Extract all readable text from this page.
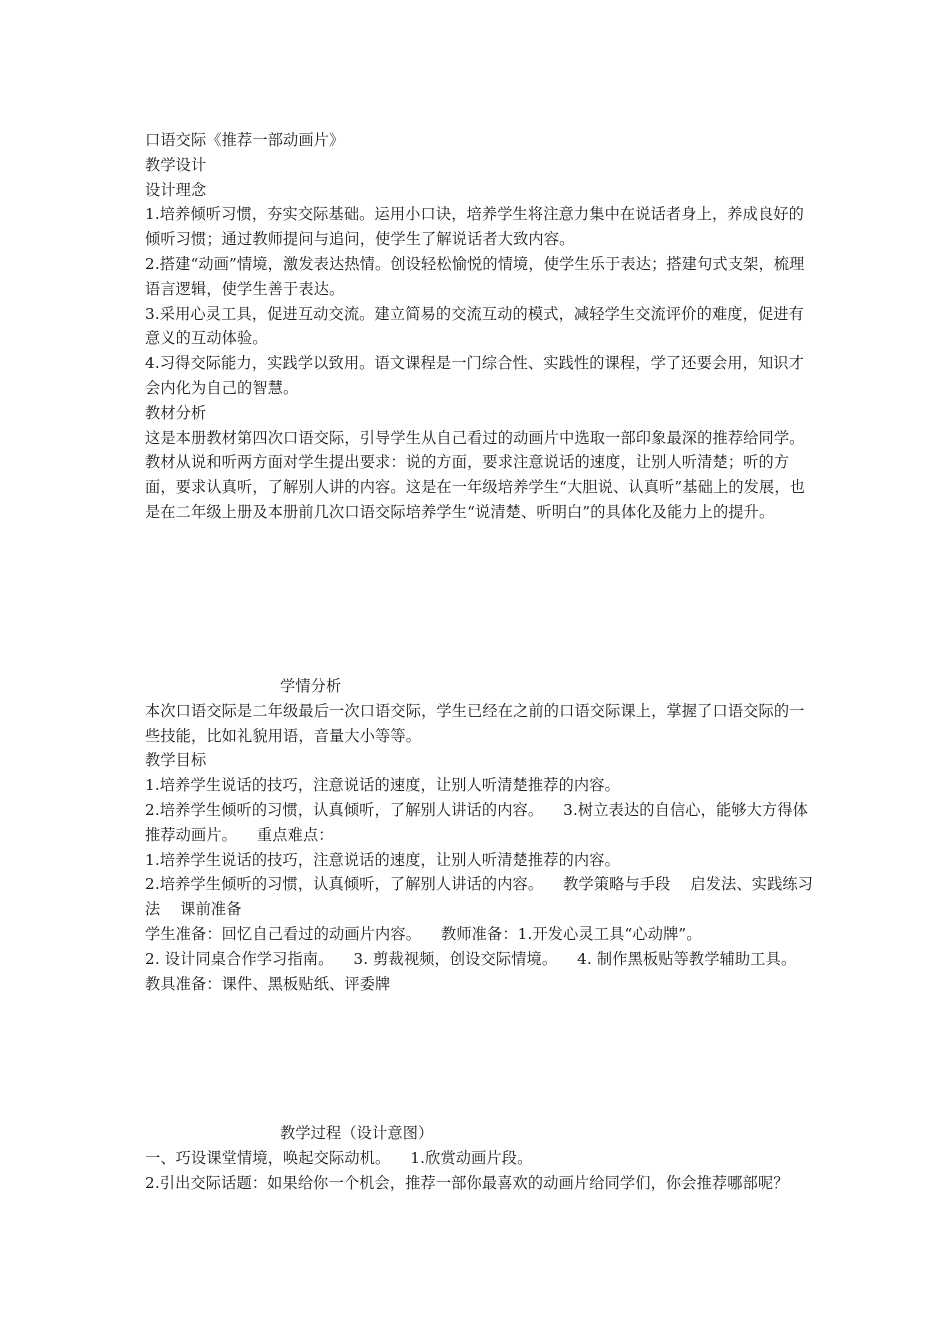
口语交际《推荐一部动画片》

教学设计

设计理念

1.培养倾听习惯，夯实交际基础。运用小口诀，培养学生将注意力集中在说话者身上，养成良好的倾听习惯；通过教师提问与追问，使学生了解说话者大致内容。

2.搭建“动画”情境，激发表达热情。创设轻松愉悦的情境，使学生乐于表达；搭建句式支架，梳理语言逻辑，使学生善于表达。

3.采用心灵工具，促进互动交流。建立简易的交流互动的模式，减轻学生交流评价的难度，促进有意义的互动体验。

4.习得交际能力，实践学以致用。语文课程是一门综合性、实践性的课程，学了还要会用，知识才会内化为自己的智慧。

教材分析

这是本册教材第四次口语交际，引导学生从自己看过的动画片中选取一部印象最深的推荐给同学。教材从说和听两方面对学生提出要求：说的方面，要求注意说话的速度，让别人听清楚；听的方面，要求认真听，了解别人讲的内容。这是在一年级培养学生“大胆说、认真听”基础上的发展，也是在二年级上册及本册前几次口语交际培养学生“说清楚、听明白”的具体化及能力上的提升。

学情分析

本次口语交际是二年级最后一次口语交际，学生已经在之前的口语交际课上，掌握了口语交际的一些技能，比如礼貌用语，音量大小等等。

教学目标

1.培养学生说话的技巧，注意说话的速度，让别人听清楚推荐的内容。

2.培养学生倾听的习惯，认真倾听，了解别人讲话的内容。    3.树立表达的自信心，能够大方得体推荐动画片。    重点难点：

1.培养学生说话的技巧，注意说话的速度，让别人听清楚推荐的内容。

2.培养学生倾听的习惯，认真倾听，了解别人讲话的内容。    教学策略与手段    启发法、实践练习法    课前准备

学生准备：回忆自己看过的动画片内容。    教师准备：1.开发心灵工具“心动牌”。

2. 设计同桌合作学习指南。    3. 剪裁视频，创设交际情境。    4. 制作黑板贴等教学辅助工具。

教具准备：课件、黑板贴纸、评委牌

教学过程（设计意图）

一、巧设课堂情境，唤起交际动机。    1.欣赏动画片段。

2.引出交际话题：如果给你一个机会，推荐一部你最喜欢的动画片给同学们，你会推荐哪部呢？
